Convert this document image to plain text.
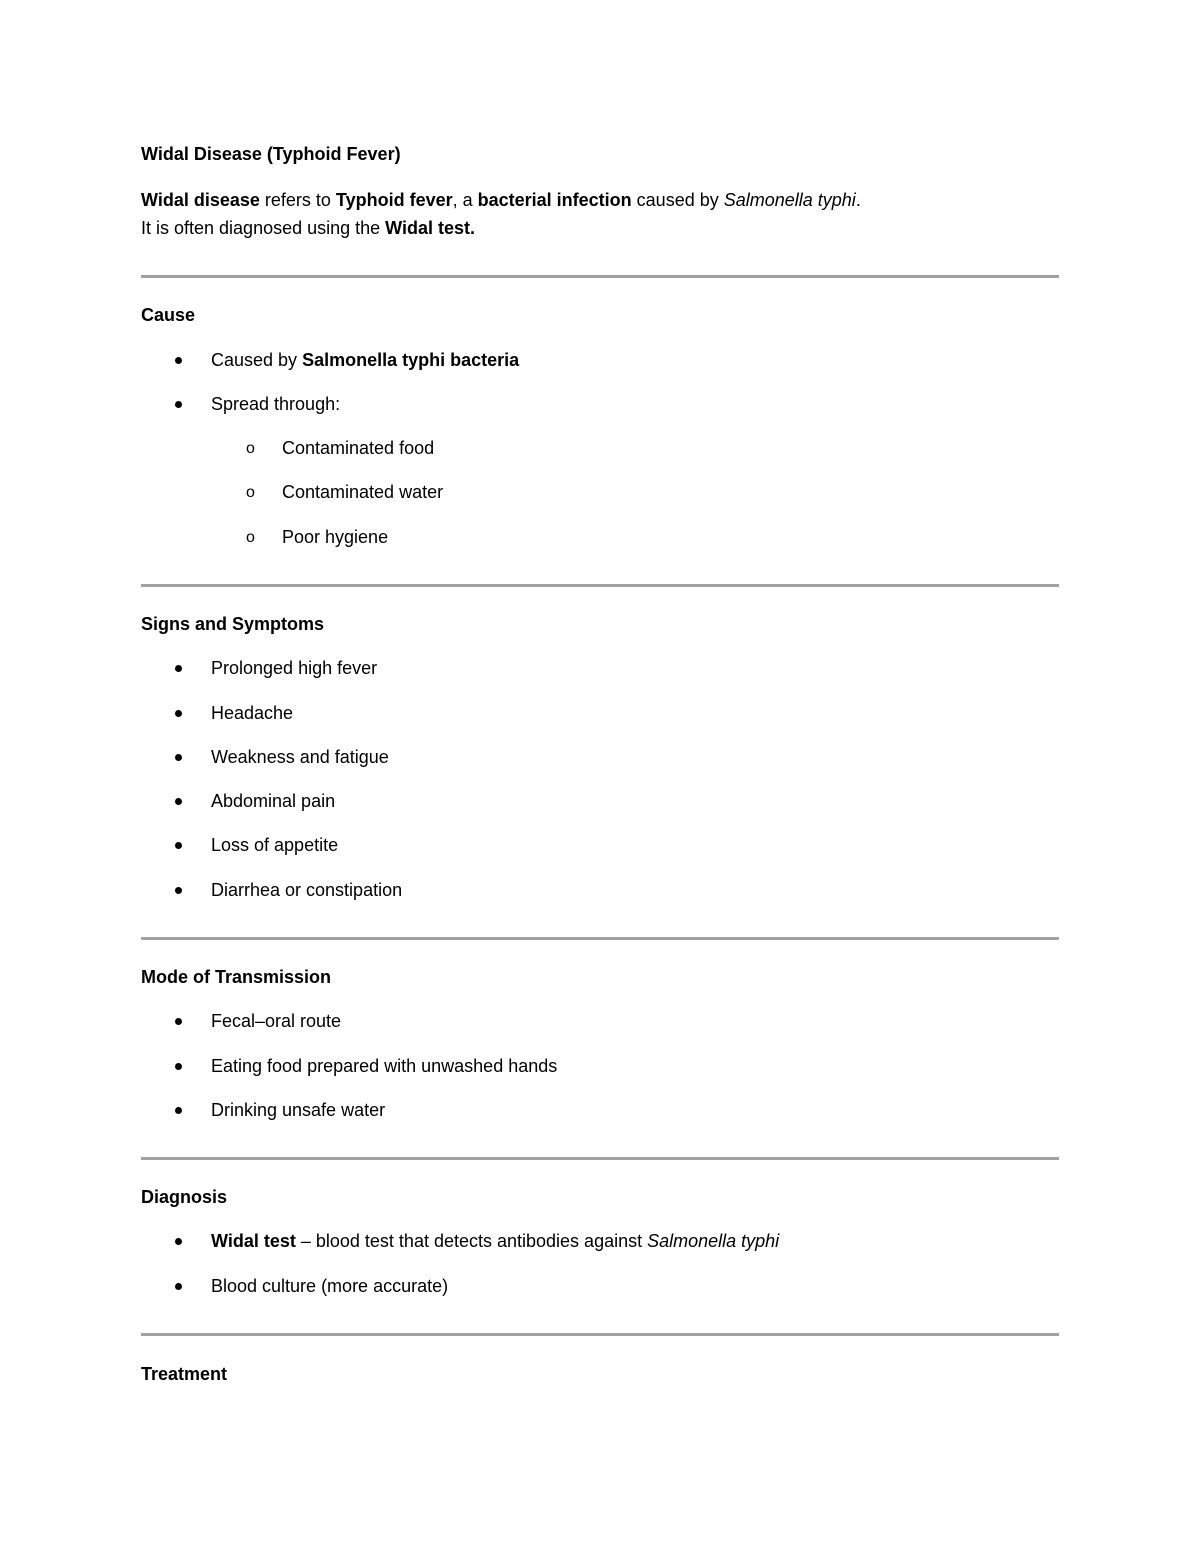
Widal Disease (Typhoid Fever)
Widal disease refers to Typhoid fever, a bacterial infection caused by Salmonella typhi.
It is often diagnosed using the Widal test.
Cause
Caused by Salmonella typhi bacteria
Spread through:
o Contaminated food
o Contaminated water
o Poor hygiene
Signs and Symptoms
Prolonged high fever
Headache
Weakness and fatigue
Abdominal pain
Loss of appetite
Diarrhea or constipation
Mode of Transmission
Fecal–oral route
Eating food prepared with unwashed hands
Drinking unsafe water
Diagnosis
Widal test – blood test that detects antibodies against Salmonella typhi
Blood culture (more accurate)
Treatment
